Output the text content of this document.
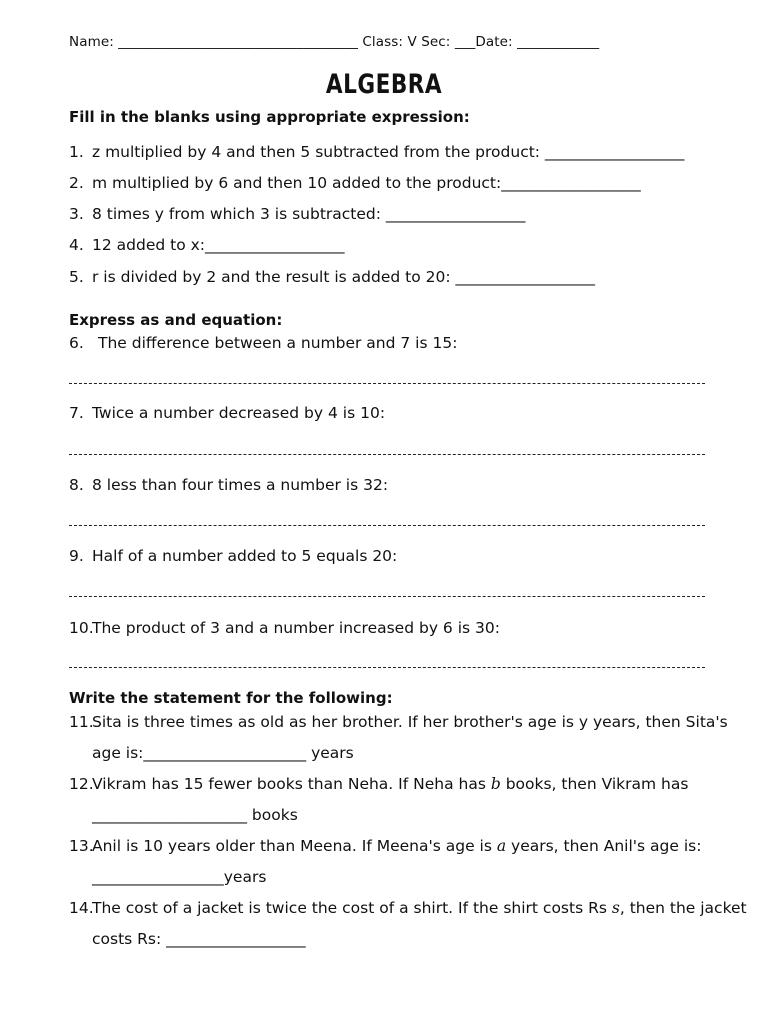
Name: ___________________________________ Class: V Sec: ___Date: ____________
ALGEBRA
Fill in the blanks using appropriate expression:
1. z multiplied by 4 and then 5 subtracted from the product: __________________
2. m multiplied by 6 and then 10 added to the product:__________________
3. 8 times y from which 3 is subtracted: __________________
4. 12 added to x:__________________
5. r is divided by 2 and the result is added to 20: __________________
Express as and equation:
6. The difference between a number and 7 is 15:
7. Twice a number decreased by 4 is 10:
8. 8 less than four times a number is 32:
9. Half of a number added to 5 equals 20:
10.
The product of 3 and a number increased by 6 is 30:
Write the statement for the following:
11.
Sita is three times as old as her brother. If her brother's age is y years, then Sita's
age is:_____________________ years
12.
Vikram has 15 fewer books than Neha. If Neha has b books, then Vikram has
____________________ books
13.
Anil is 10 years older than Meena. If Meena's age is a years, then Anil's age is:
_________________years
14.
The cost of a jacket is twice the cost of a shirt. If the shirt costs Rs s, then the jacket
costs Rs: __________________
